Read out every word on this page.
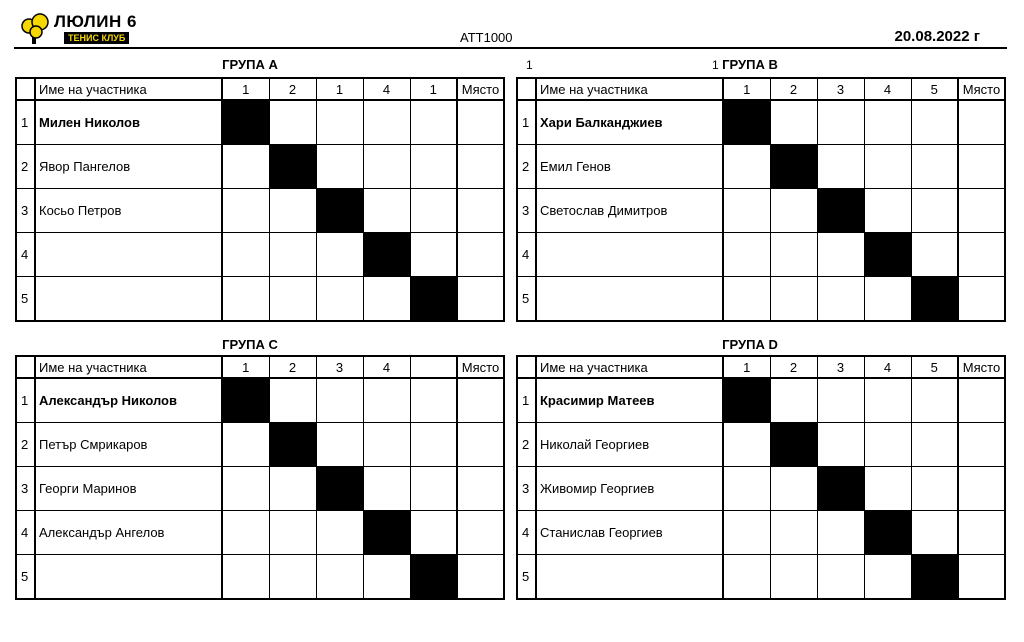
ЛЮЛИН 6
ТЕНИС КЛУБ	ATT1000	20.08.2022 г
1	1
ГРУПА А
	Име на участника	1	2	1	4	1	Място
1	Милен Николов						
2	Явор Пангелов						
3	Косьо Петров						
4							
5							
ГРУПА В
	Име на участника	1	2	3	4	5	Място
1	Хари Балканджиев						
2	Емил Генов						
3	Светослав Димитров						
4							
5							
ГРУПА С
	Име на участника	1	2	3	4		Място
1	Александър Николов						
2	Петър Смрикаров						
3	Георги Маринов						
4	Александър Ангелов						
5							
ГРУПА D
	Име на участника	1	2	3	4	5	Място
1	Красимир Матеев						
2	Николай Георгиев						
3	Живомир Георгиев						
4	Станислав Георгиев						
5							
